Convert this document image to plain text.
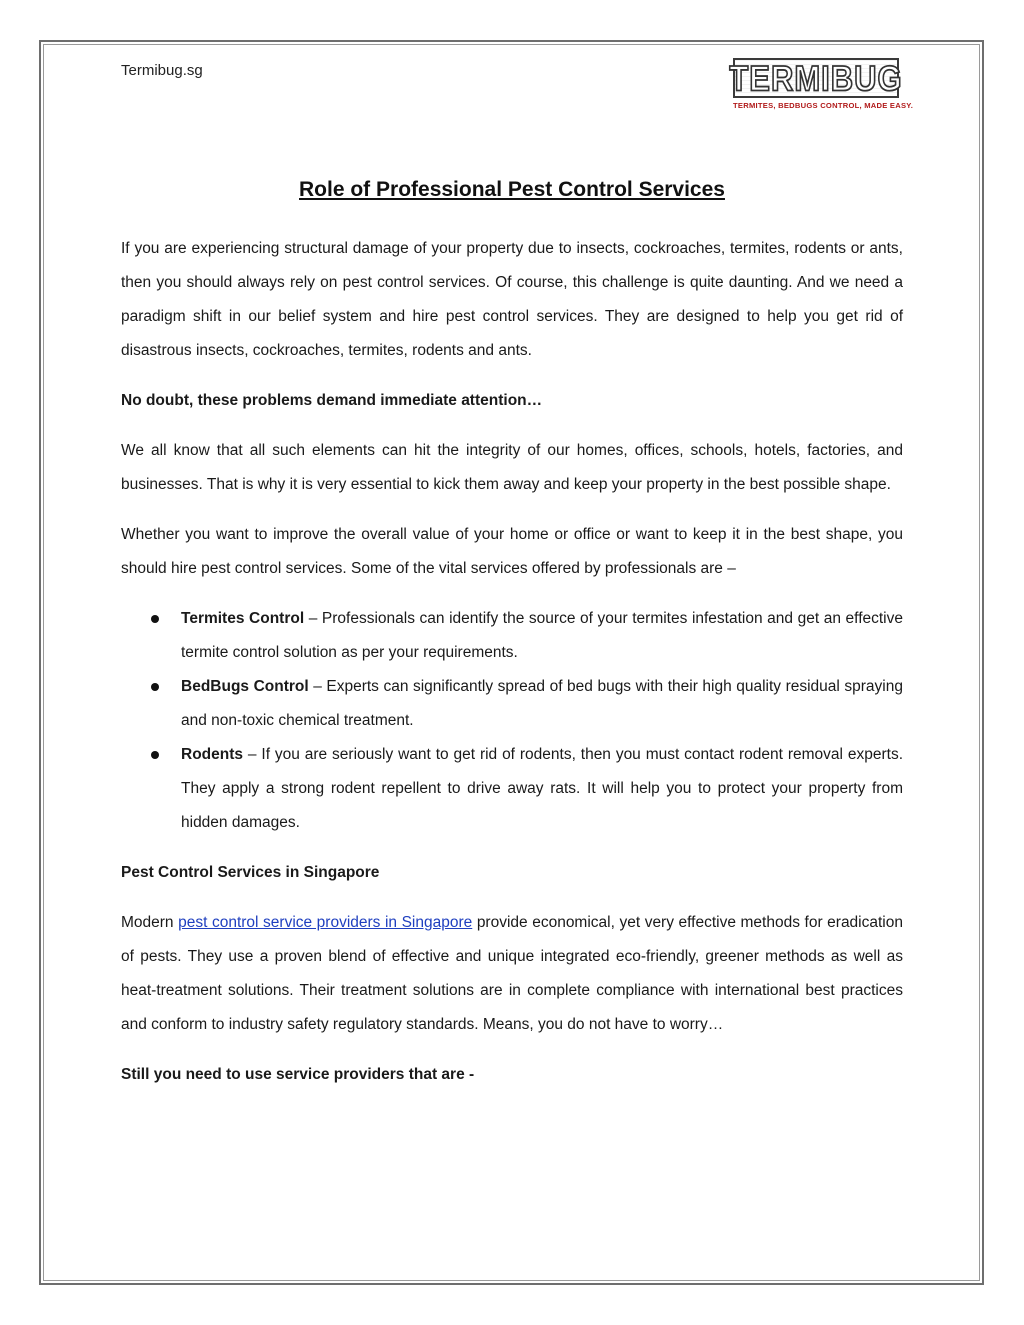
Termibug.sg	TERMIBUG
TERMITES, BEDBUGS CONTROL, MADE EASY.
Role of Professional Pest Control Services

If you are experiencing structural damage of your property due to insects, cockroaches, termites, rodents or ants, then you should always rely on pest control services. Of course, this challenge is quite daunting. And we need a paradigm shift in our belief system and hire pest control services. They are designed to help you get rid of disastrous insects, cockroaches, termites, rodents and ants.

No doubt, these problems demand immediate attention…

We all know that all such elements can hit the integrity of our homes, offices, schools, hotels, factories, and businesses. That is why it is very essential to kick them away and keep your property in the best possible shape.

Whether you want to improve the overall value of your home or office or want to keep it in the best shape, you should hire pest control services. Some of the vital services offered by professionals are –

Termites Control – Professionals can identify the source of your termites infestation and get an effective termite control solution as per your requirements.
BedBugs Control – Experts can significantly spread of bed bugs with their high quality residual spraying and non-toxic chemical treatment.
Rodents – If you are seriously want to get rid of rodents, then you must contact rodent removal experts. They apply a strong rodent repellent to drive away rats. It will help you to protect your property from hidden damages.

Pest Control Services in Singapore

Modern pest control service providers in Singapore provide economical, yet very effective methods for eradication of pests. They use a proven blend of effective and unique integrated eco-friendly, greener methods as well as heat-treatment solutions. Their treatment solutions are in complete compliance with international best practices and conform to industry safety regulatory standards. Means, you do not have to worry…

Still you need to use service providers that are -
